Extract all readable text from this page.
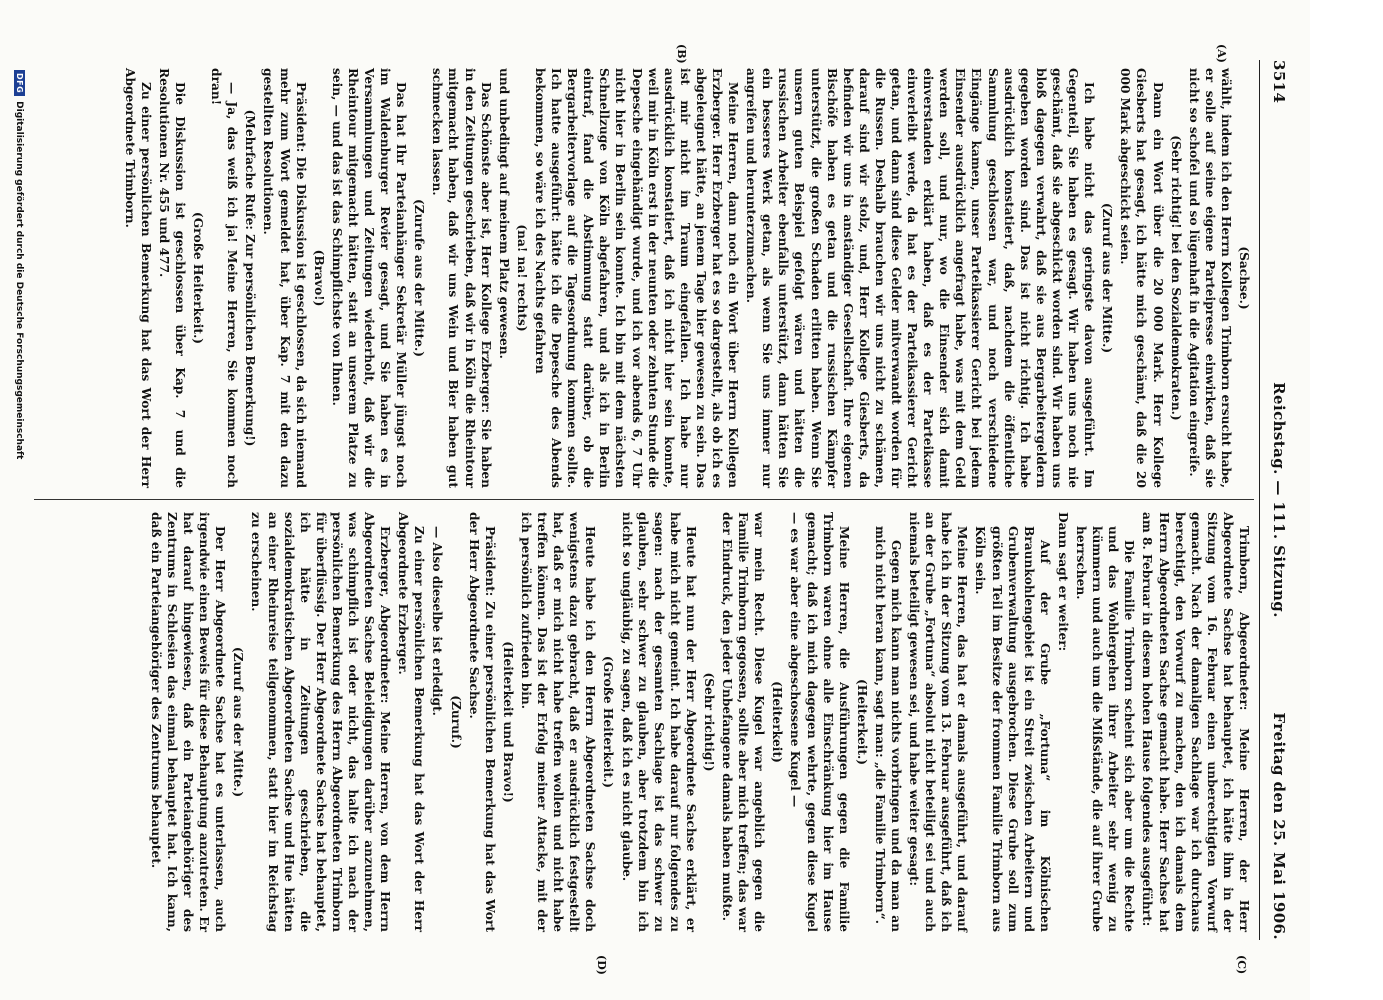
3514
Reichstag. — 111. Sitzung.
Freitag den 25. Mai 1906.
(A)
(B)
(C)
(D)

(Sachse.)

wählt, indem ich den Herrn Kollegen Trimborn ersucht habe, er solle auf seine eigene Parteipresse einwirken, daß sie nicht so schofel und so lügenhaft in die Agitation eingreife.

(Sehr richtig! bei den Sozialdemokraten.)

Dann ein Wort über die 20 000 Mark. Herr Kollege Giesberts hat gesagt, ich hätte mich geschämt, daß die 20 000 Mark abgeschickt seien.

(Zuruf aus der Mitte.)

Ich habe nicht das geringste davon ausgeführt. Im Gegenteil, Sie haben es gesagt. Wir haben uns noch nie geschämt, daß sie abgeschickt worden sind. Wir haben uns bloß dagegen verwahrt, daß sie aus Bergarbeitergeldern gegeben worden sind. Das ist nicht richtig. Ich habe ausdrücklich konstatiert, daß, nachdem die öffentliche Sammlung geschlossen war, und noch verschiedene Eingänge kamen, unser Parteikassierer Gericht bei jedem Einsender ausdrücklich angefragt habe, was mit dem Geld werden soll, und nur, wo die Einsender sich damit einverstanden erklärt haben, daß es der Parteikasse einverleibt werde, da hat es der Parteikassierer Gericht getan, und dann sind diese Gelder mitverwandt worden für die Russen. Deshalb brauchen wir uns nicht zu schämen, darauf sind wir stolz, und, Herr Kollege Giesberts, da befinden wir uns in anständiger Gesellschaft. Ihre eigenen Bischöfe haben es getan und die russischen Kämpfer unterstützt, die großen Schaden erlitten haben. Wenn Sie unsern guten Beispiel gefolgt wären und hätten die russischen Arbeiter ebenfalls unterstützt, dann hätten Sie ein besseres Werk getan, als wenn Sie uns immer nur angreifen und herunterzumachen.

Meine Herren, dann noch ein Wort über Herrn Kollegen Erzberger. Herr Erzberger hat es so dargestellt, als ob ich es abgeleugnet hätte, an jenem Tage hier gewesen zu sein. Das ist mir nicht im Traum eingefallen. Ich habe nur ausdrücklich konstatiert, daß ich nicht hier sein konnte, weil mir in Köln erst in der neunten oder zehnten Stunde die Depesche eingehändigt wurde, und ich vor abends 6, 7 Uhr nicht hier in Berlin sein konnte. Ich bin mit dem nächsten Schnellzuge von Köln abgefahren, und als ich in Berlin eintraf, fand die Abstimmung statt darüber, ob die Bergarbeitervorlage auf die Tagesordnung kommen sollte. Ich hatte ausgeführt: hätte ich die Depesche des Abends bekommen, so wäre ich des Nachts gefahren

(na! na! rechts)

und unbedingt auf meinem Platz gewesen.

Das Schönste aber ist, Herr Kollege Erzberger: Sie haben in den Zeitungen geschrieben, daß wir in Köln die Rheintour mitgemacht haben, daß wir uns Wein und Bier haben gut schmecken lassen.

(Zurufe aus der Mitte.)

Das hat Ihr Parteianhänger Sekretär Müller jüngst noch im Waldenburger Revier gesagt, und Sie haben es in Versammlungen und Zeitungen wiederholt, daß wir die Rheintour mitgemacht hätten, statt an unserem Platze zu sein, — und das ist das Schimpflichste von Ihnen.

(Bravo!)

Präsident: Die Diskussion ist geschlossen, da sich niemand mehr zum Wort gemeldet hat, über Kap. 7 mit den dazu gestellten Resolutionen.

(Mehrfache Rufe: Zur persönlichen Bemerkung!)

— Ja, das weiß ich ja! Meine Herren, Sie kommen noch dran!

(Große Heiterkeit.)

Die Diskussion ist geschlossen über Kap. 7 und die Resolutionen Nr. 455 und 477.

Zu einer persönlichen Bemerkung hat das Wort der Herr Abgeordnete Trimborn.

Trimborn, Abgeordneter: Meine Herren, der Herr Abgeordnete Sachse hat behauptet, ich hätte ihm in der Sitzung vom 16. Februar einen unberechtigten Vorwurf gemacht. Nach der damaligen Sachlage war ich durchaus berechtigt, den Vorwurf zu machen, den ich damals dem Herrn Abgeordneten Sachse gemacht habe. Herr Sachse hat am 8. Februar in diesem hohen Hause folgendes ausgeführt:

Die Familie Trimborn scheint sich aber um die Rechte und das Wohlergehen ihrer Arbeiter sehr wenig zu kümmern und auch um die Mißstände, die auf ihrer Grube herrschen.

Dann sagt er weiter:

Auf der Grube „Fortuna“ im Kölnischen Braunkohlengebiet ist ein Streit zwischen Arbeitern und Grubenverwaltung ausgebrochen. Diese Grube soll zum größten Teil im Besitze der frommen Familie Trimborn aus Köln sein.

Meine Herren, das hat er damals ausgeführt, und darauf habe ich in der Sitzung vom 13. Februar ausgeführt, daß ich an der Grube „Fortuna“ absolut nicht beteiligt sei und auch niemals beteiligt gewesen sei, und habe weiter gesagt:

Gegen mich kann man nichts vorbringen und da man an mich nicht heran kann, sagt man: „die Familie Trimborn“.

(Heiterkeit.)

Meine Herren, die Ausführungen gegen die Familie Trimborn waren ohne alle Einschränkung hier im Hause gemacht; daß ich mich dagegen wehrte, gegen diese Kugel — es war aber eine abgeschossene Kugel —

(Heiterkeit)

war mein Recht. Diese Kugel war angeblich gegen die Familie Trimborn gegossen, sollte aber mich treffen; das war der Eindruck, den jeder Unbefangene damals haben mußte.

(Sehr richtig!)

Heute hat nun der Herr Abgeordnete Sachse erklärt, er habe mich nicht gemeint. Ich habe darauf nur folgendes zu sagen: nach der gesamten Sachlage ist das schwer zu glauben, sehr schwer zu glauben, aber trotzdem bin ich nicht so ungläubig, zu sagen, daß ich es nicht glaube.

(Große Heiterkeit.)

Heute habe ich den Herrn Abgeordneten Sachse doch wenigstens dazu gebracht, daß er ausdrücklich festgestellt hat, daß er mich nicht habe treffen wollen und nicht habe treffen können. Das ist der Erfolg meiner Attacke, mit der ich persönlich zufrieden bin.

(Heiterkeit und Bravo!)

Präsident: Zu einer persönlichen Bemerkung hat das Wort der Herr Abgeordnete Sachse.

(Zuruf.)

— Also dieselbe ist erledigt.

Zu einer persönlichen Bemerkung hat das Wort der Herr Abgeordnete Erzberger.

Erzberger, Abgeordneter: Meine Herren, von dem Herrn Abgeordneten Sachse Beleidigungen darüber anzunehmen, was schimpflich ist oder nicht, das halte ich nach der persönlichen Bemerkung des Herrn Abgeordneten Trimborn für überflüssig. Der Herr Abgeordnete Sachse hat behauptet, ich hätte in Zeitungen geschrieben, die sozialdemokratischen Abgeordneten Sachse und Hue hätten an einer Rheinreise teilgenommen, statt hier im Reichstag zu erscheinen.

(Zuruf aus der Mitte.)

Der Herr Abgeordnete Sachse hat es unterlassen, auch irgendwie einen Beweis für diese Behauptung anzutreten. Er hat darauf hingewiesen, daß ein Parteiangehöriger des Zentrums in Schlesien das einmal behauptet hat. Ich kann, daß ein Parteiangehöriger des Zentrums behauptet.

DFG
Digitalisierung gefördert durch die Deutsche Forschungsgemeinschaft
